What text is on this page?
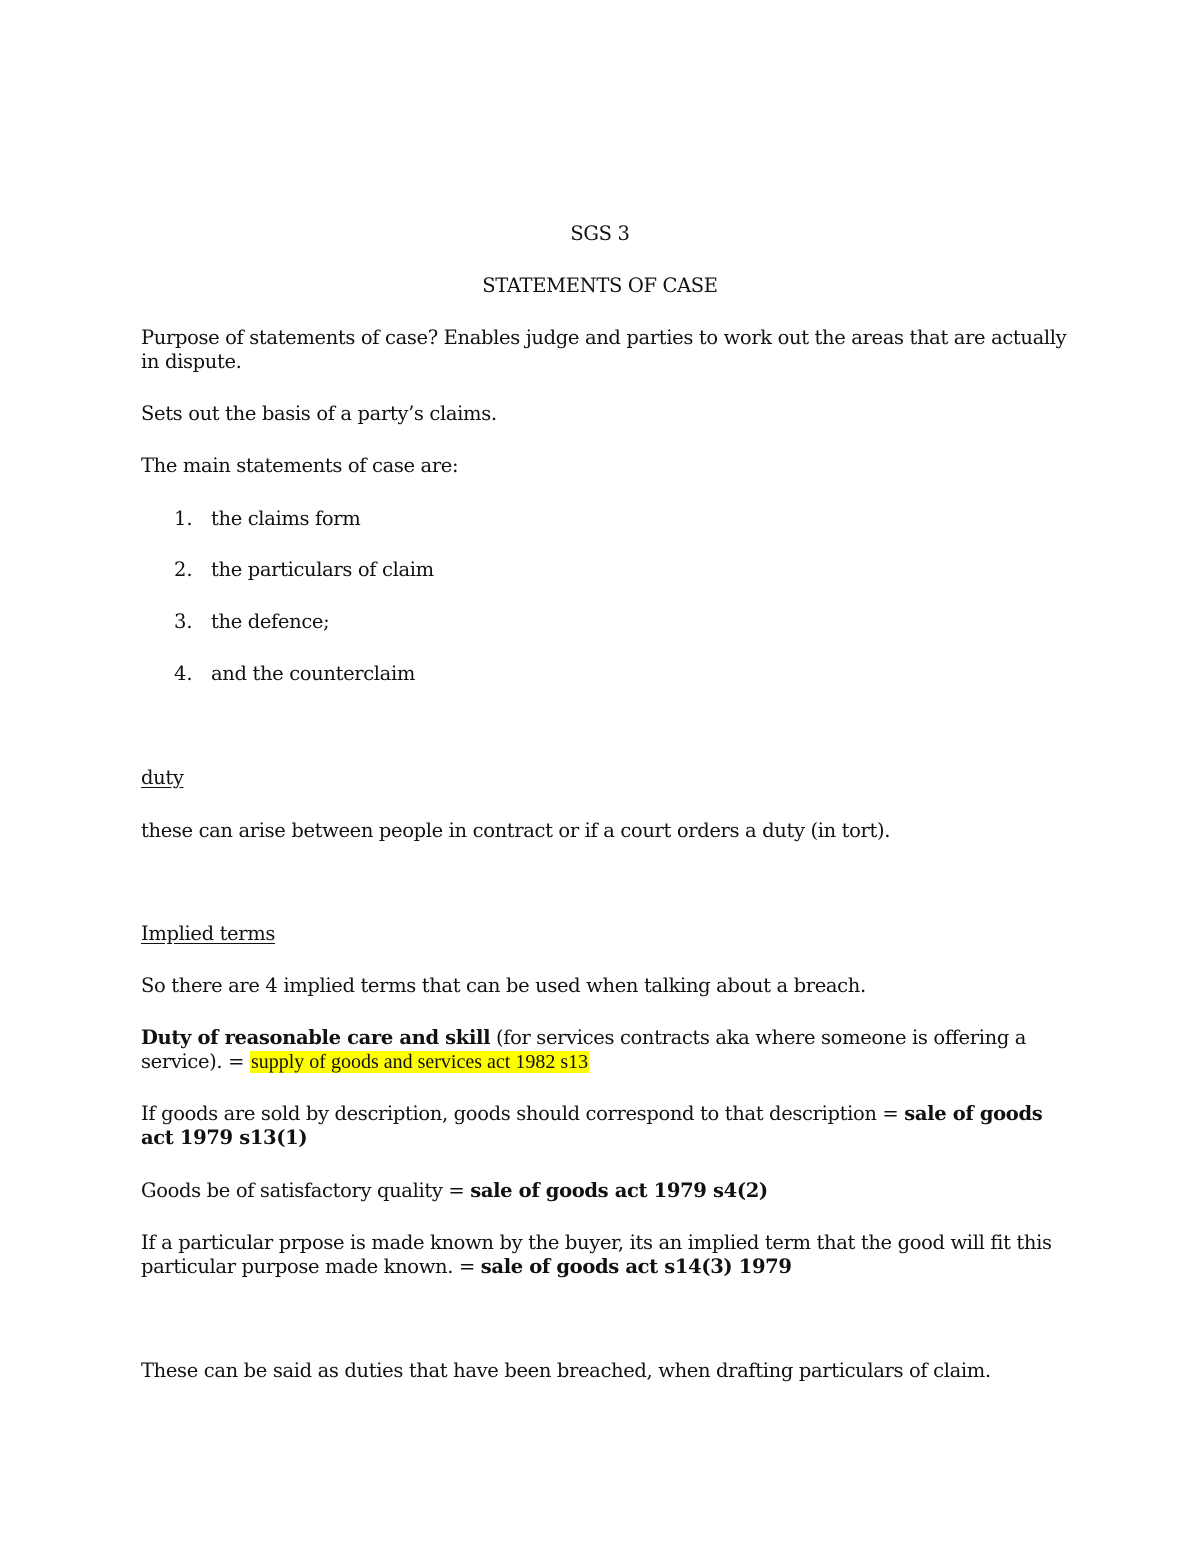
SGS 3
STATEMENTS OF CASE
Purpose of statements of case? Enables judge and parties to work out the areas that are actually
in dispute.
Sets out the basis of a party’s claims.
The main statements of case are:
1. the claims form
2. the particulars of claim
3. the defence;
4. and the counterclaim
duty
these can arise between people in contract or if a court orders a duty (in tort).
Implied terms
So there are 4 implied terms that can be used when talking about a breach.
Duty of reasonable care and skill (for services contracts aka where someone is offering a
service). = supply of goods and services act 1982 s13
If goods are sold by description, goods should correspond to that description = sale of goods
act 1979 s13(1)
Goods be of satisfactory quality = sale of goods act 1979 s4(2)
If a particular prpose is made known by the buyer, its an implied term that the good will fit this
particular purpose made known. = sale of goods act s14(3) 1979
These can be said as duties that have been breached, when drafting particulars of claim.
